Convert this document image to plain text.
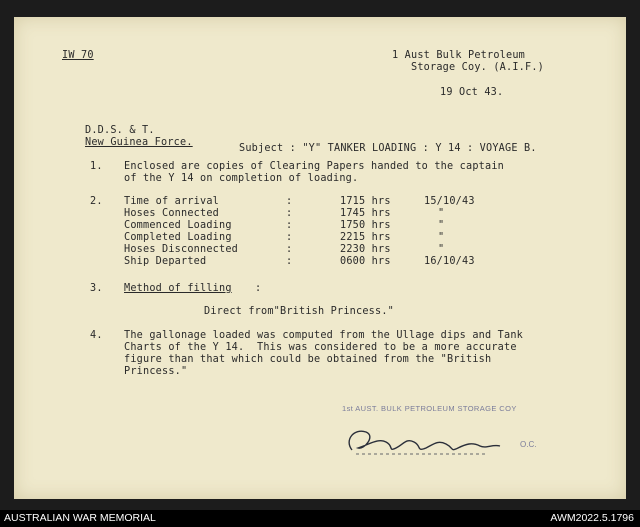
IW 70	1 Aust Bulk Petroleum
Storage Coy. (A.I.F.)
19 Oct 43.
D.D.S. & T.
New Guinea Force.
Subject : "Y" TANKER LOADING : Y 14 : VOYAGE B.
1. Enclosed are copies of Clearing Papers handed to the captain
of the Y 14 on completion of loading.
2. Time of arrival	:	1715 hrs	15/10/43
Hoses Connected	:	1745 hrs	"
Commenced Loading	:	1750 hrs	"
Completed Loading	:	2215 hrs	"
Hoses Disconnected	:	2230 hrs	"
Ship Departed	:	0600 hrs	16/10/43
3. Method of filling :
Direct from"British Princess."
4. The gallonage loaded was computed from the Ullage dips and Tank
Charts of the Y 14.  This was considered to be a more accurate
figure than that which could be obtained from the "British
Princess."
1st AUST. BULK PETROLEUM STORAGE COY
O.C.
AUSTRALIAN WAR MEMORIAL	AWM2022.5.1796
